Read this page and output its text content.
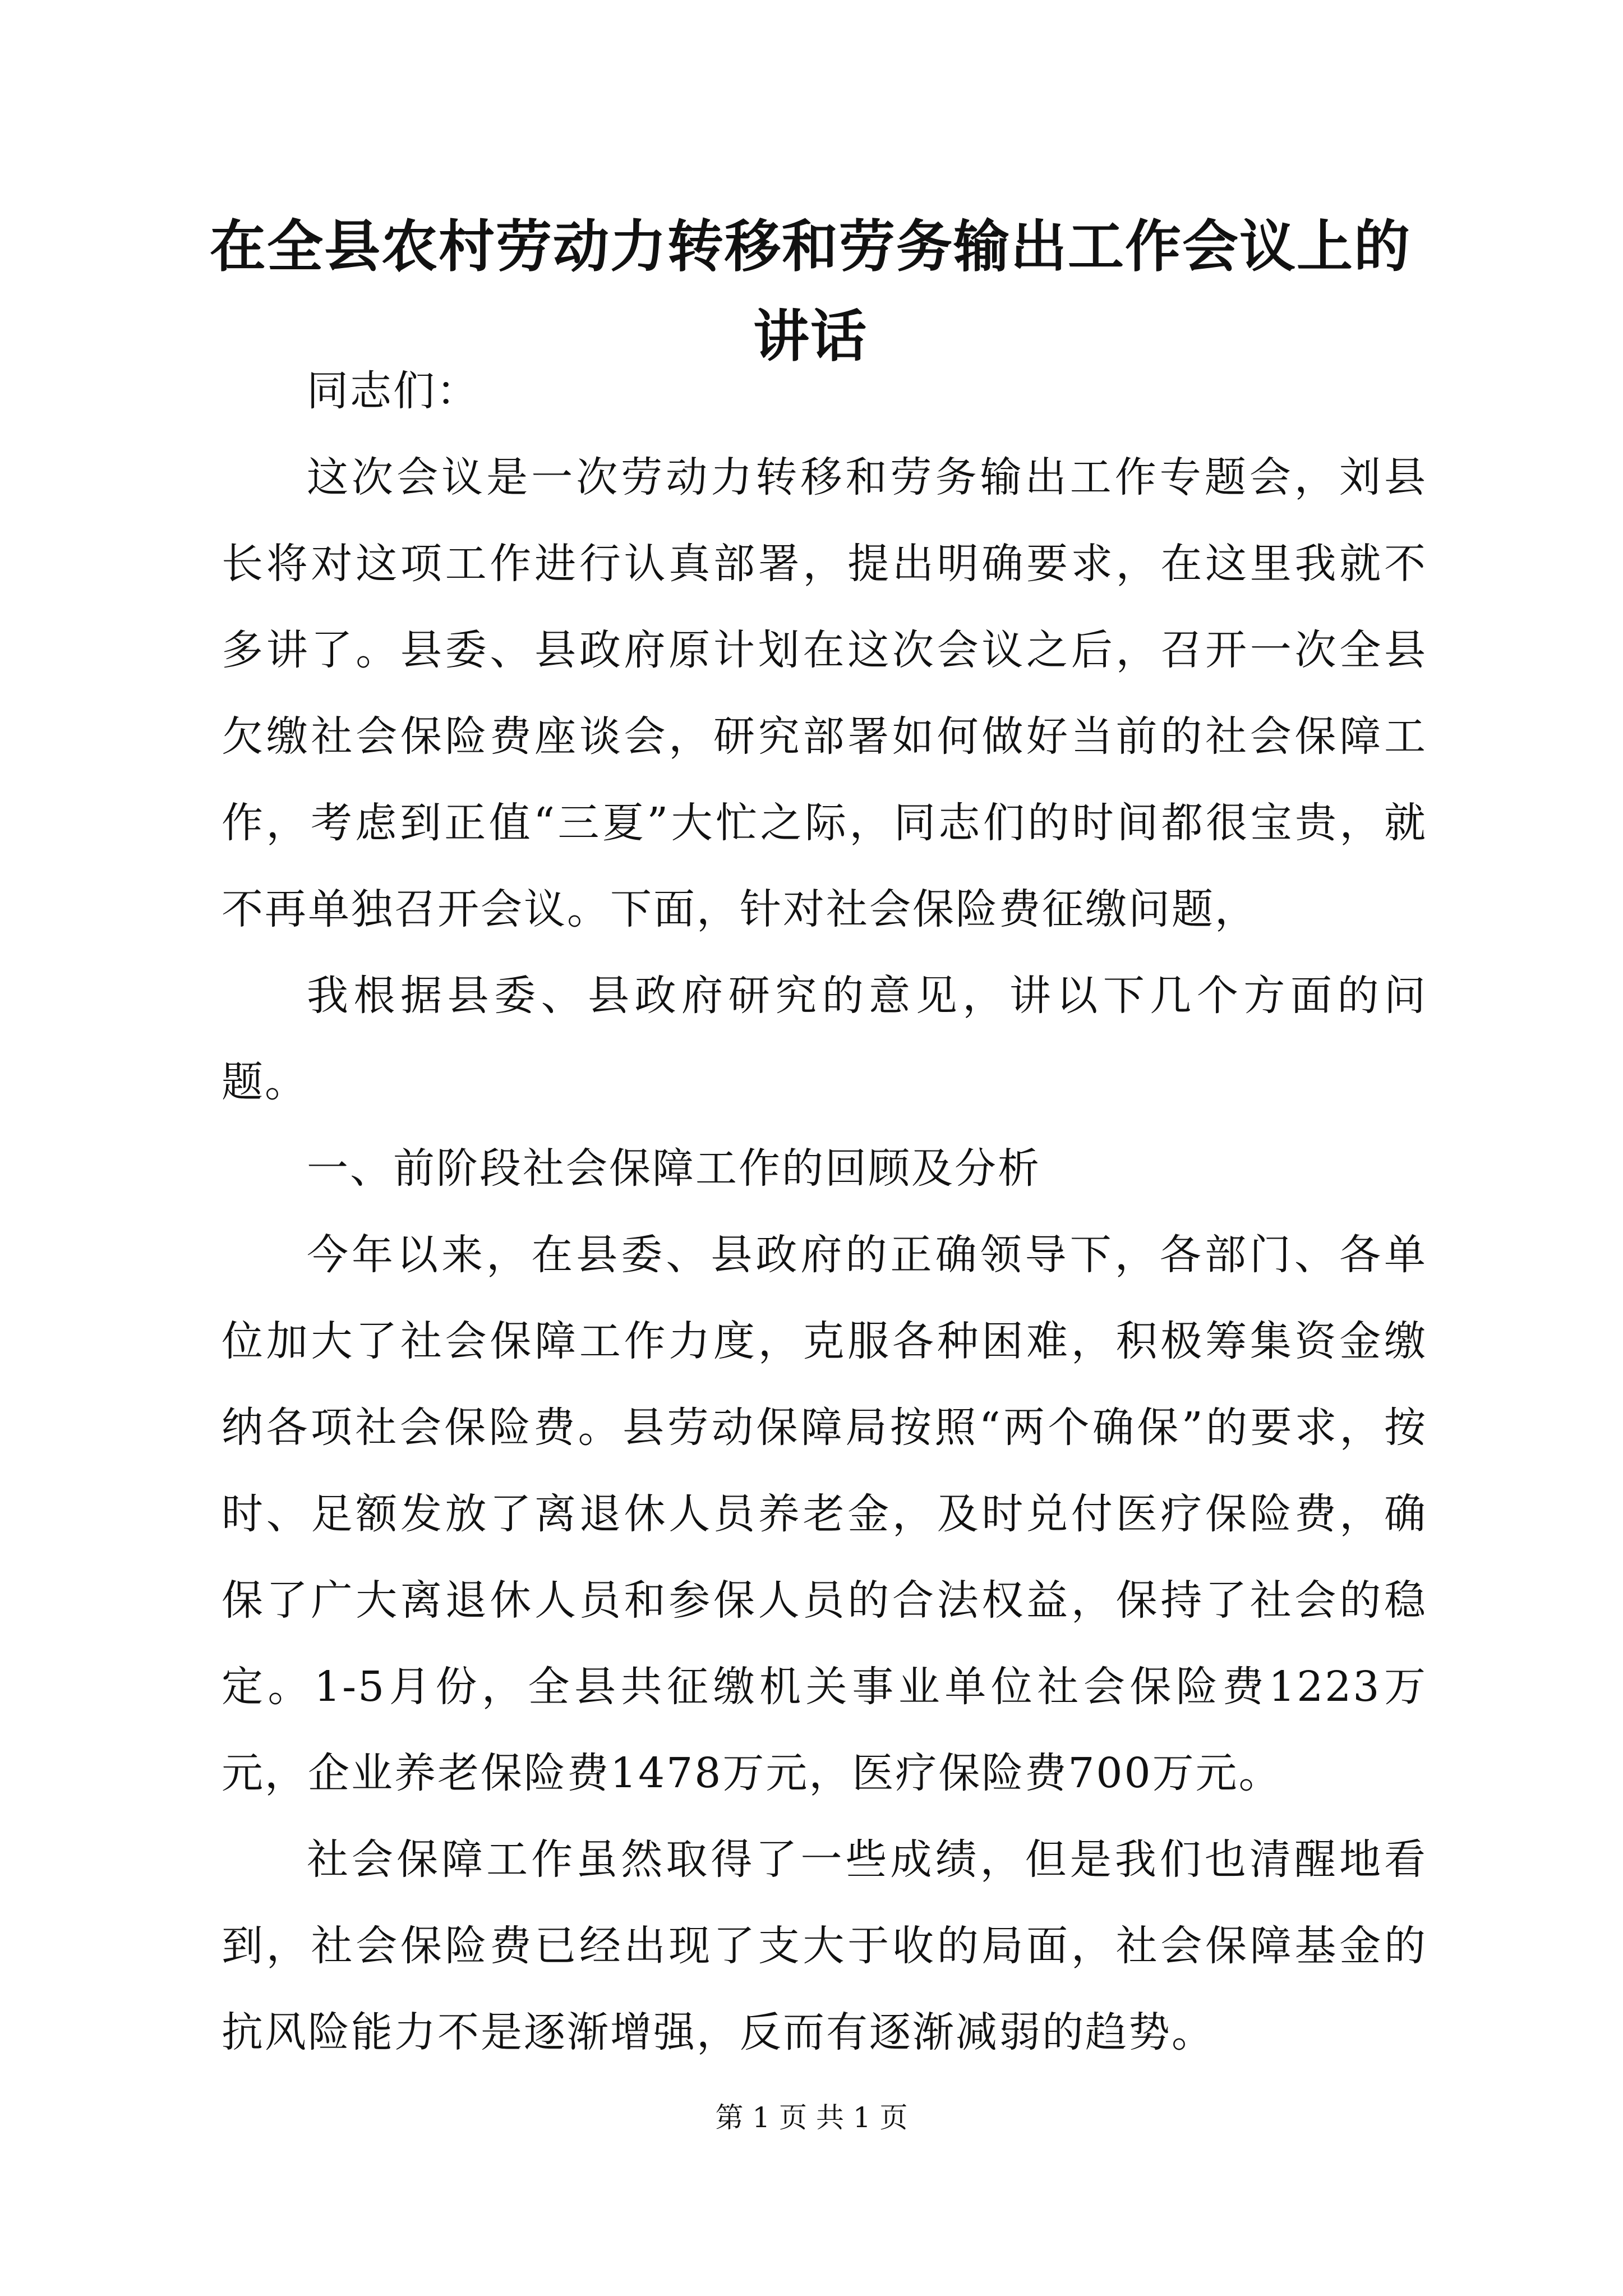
在全县农村劳动力转移和劳务输出工作会议上的讲话

同志们：

这次会议是一次劳动力转移和劳务输出工作专题会，刘县长将对这项工作进行认真部署，提出明确要求，在这里我就不多讲了。县委、县政府原计划在这次会议之后，召开一次全县欠缴社会保险费座谈会，研究部署如何做好当前的社会保障工作，考虑到正值“三夏”大忙之际，同志们的时间都很宝贵，就不再单独召开会议。下面，针对社会保险费征缴问题，

我根据县委、县政府研究的意见，讲以下几个方面的问题。

一、前阶段社会保障工作的回顾及分析

今年以来，在县委、县政府的正确领导下，各部门、各单位加大了社会保障工作力度，克服各种困难，积极筹集资金缴纳各项社会保险费。县劳动保障局按照“两个确保”的要求，按时、足额发放了离退休人员养老金，及时兑付医疗保险费，确保了广大离退休人员和参保人员的合法权益，保持了社会的稳定。1-5月份，全县共征缴机关事业单位社会保险费1223万元，企业养老保险费1478万元，医疗保险费700万元。

社会保障工作虽然取得了一些成绩，但是我们也清醒地看到，社会保险费已经出现了支大于收的局面，社会保障基金的抗风险能力不是逐渐增强，反而有逐渐减弱的趋势。

第 1 页 共 1 页
